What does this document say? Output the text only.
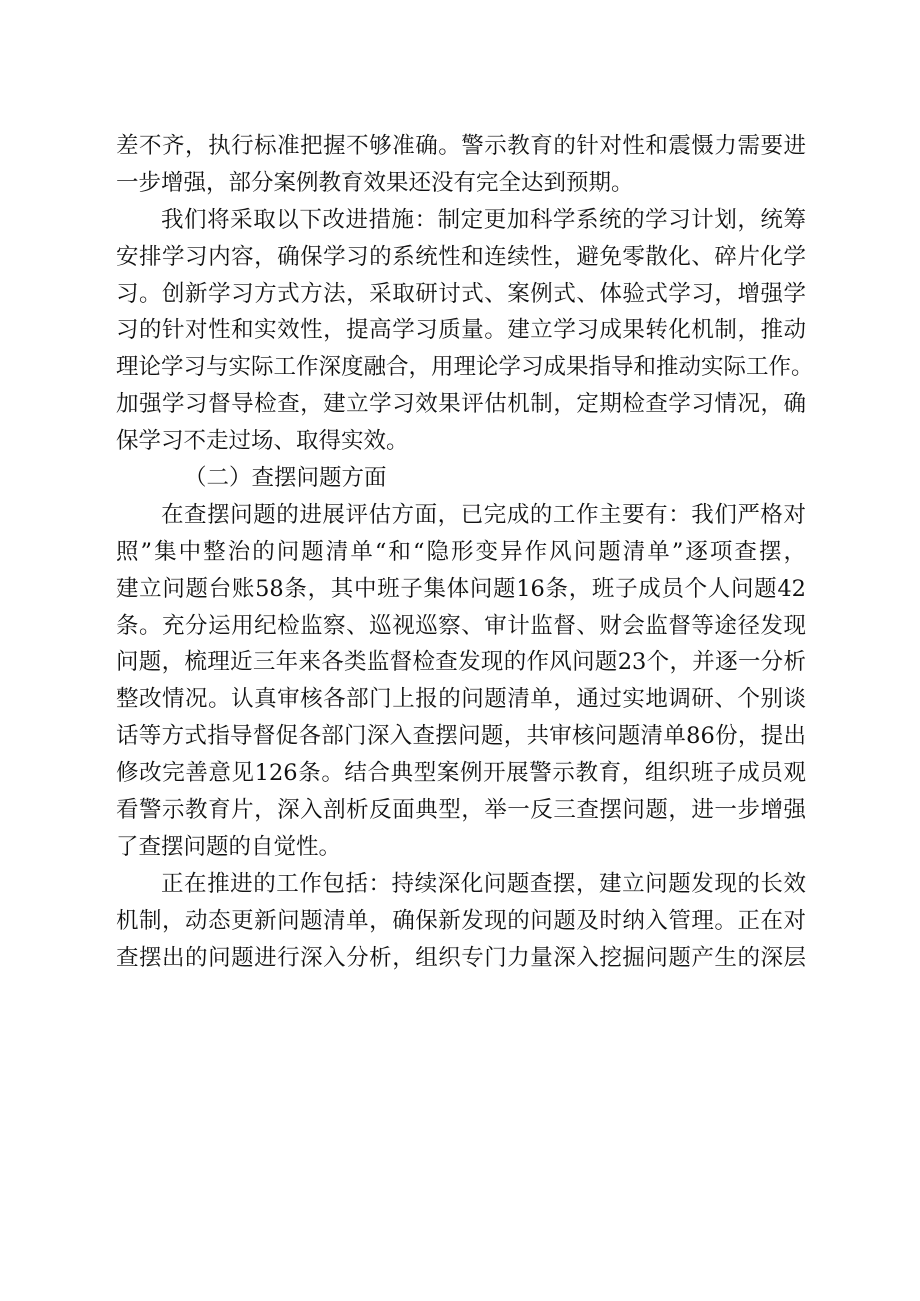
差不齐，执行标准把握不够准确。警示教育的针对性和震慑力需要进
一步增强，部分案例教育效果还没有完全达到预期。
我们将采取以下改进措施：制定更加科学系统的学习计划，统筹
安排学习内容，确保学习的系统性和连续性，避免零散化、碎片化学
习。创新学习方式方法，采取研讨式、案例式、体验式学习，增强学
习的针对性和实效性，提高学习质量。建立学习成果转化机制，推动
理论学习与实际工作深度融合，用理论学习成果指导和推动实际工作。
加强学习督导检查，建立学习效果评估机制，定期检查学习情况，确
保学习不走过场、取得实效。
（二）查摆问题方面
在查摆问题的进展评估方面，已完成的工作主要有：我们严格对
照”集中整治的问题清单“和“隐形变异作风问题清单”逐项查摆，
建立问题台账58条，其中班子集体问题16条，班子成员个人问题42
条。充分运用纪检监察、巡视巡察、审计监督、财会监督等途径发现
问题，梳理近三年来各类监督检查发现的作风问题23个，并逐一分析
整改情况。认真审核各部门上报的问题清单，通过实地调研、个别谈
话等方式指导督促各部门深入查摆问题，共审核问题清单86份，提出
修改完善意见126条。结合典型案例开展警示教育，组织班子成员观
看警示教育片，深入剖析反面典型，举一反三查摆问题，进一步增强
了查摆问题的自觉性。
正在推进的工作包括：持续深化问题查摆，建立问题发现的长效
机制，动态更新问题清单，确保新发现的问题及时纳入管理。正在对
查摆出的问题进行深入分析，组织专门力量深入挖掘问题产生的深层
